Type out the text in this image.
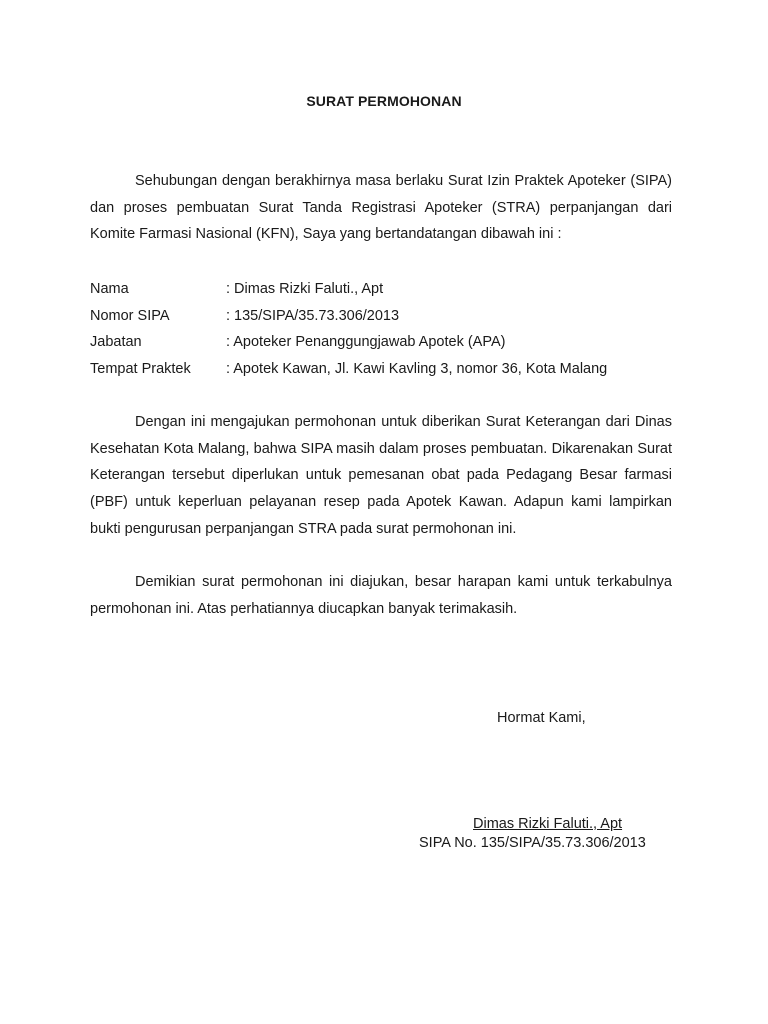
SURAT PERMOHONAN
Sehubungan dengan berakhirnya masa berlaku Surat Izin Praktek Apoteker (SIPA) dan proses pembuatan Surat Tanda Registrasi Apoteker (STRA) perpanjangan dari Komite Farmasi Nasional (KFN), Saya yang bertandatangan dibawah ini :
Nama	: Dimas Rizki Faluti., Apt
Nomor SIPA	: 135/SIPA/35.73.306/2013
Jabatan	: Apoteker Penanggungjawab Apotek (APA)
Tempat Praktek : Apotek Kawan, Jl. Kawi Kavling 3, nomor 36, Kota Malang
Dengan ini mengajukan permohonan untuk diberikan Surat Keterangan dari Dinas Kesehatan Kota Malang, bahwa SIPA masih dalam proses pembuatan. Dikarenakan Surat Keterangan tersebut diperlukan untuk pemesanan obat pada Pedagang Besar farmasi (PBF) untuk keperluan pelayanan resep pada Apotek Kawan. Adapun kami lampirkan bukti pengurusan perpanjangan STRA pada surat permohonan ini.
Demikian surat permohonan ini diajukan, besar harapan kami untuk terkabulnya permohonan ini. Atas perhatiannya diucapkan banyak terimakasih.
Hormat Kami,
Dimas Rizki Faluti., Apt
SIPA No. 135/SIPA/35.73.306/2013
